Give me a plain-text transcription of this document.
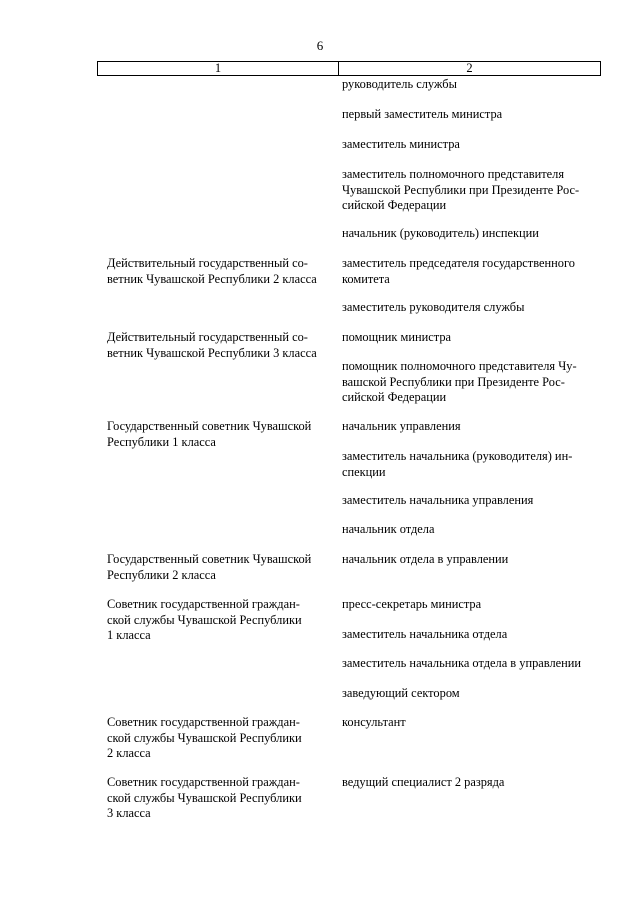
6
1	2
Действительный государственный со-
ветник Чувашской Республики 2 класса
Действительный государственный со-
ветник Чувашской Республики 3 класса
Государственный советник Чувашской
Республики 1 класса
Государственный советник Чувашской
Республики 2 класса
Советник государственной граждан-
ской службы Чувашской Республики
1 класса
Советник государственной граждан-
ской службы Чувашской Республики
2 класса
Советник государственной граждан-
ской службы Чувашской Республики
3 класса
руководитель службы
первый заместитель министра
заместитель министра
заместитель полномочного представителя
Чувашской Республики при Президенте Рос-
сийской Федерации
начальник (руководитель) инспекции
заместитель председателя государственного
комитета
заместитель руководителя службы
помощник министра
помощник полномочного представителя Чу-
вашской Республики при Президенте Рос-
сийской Федерации
начальник управления
заместитель начальника (руководителя) ин-
спекции
заместитель начальника управления
начальник отдела
начальник отдела в управлении
пресс-секретарь министра
заместитель начальника отдела
заместитель начальника отдела в управлении
заведующий сектором
консультант
ведущий специалист 2 разряда
